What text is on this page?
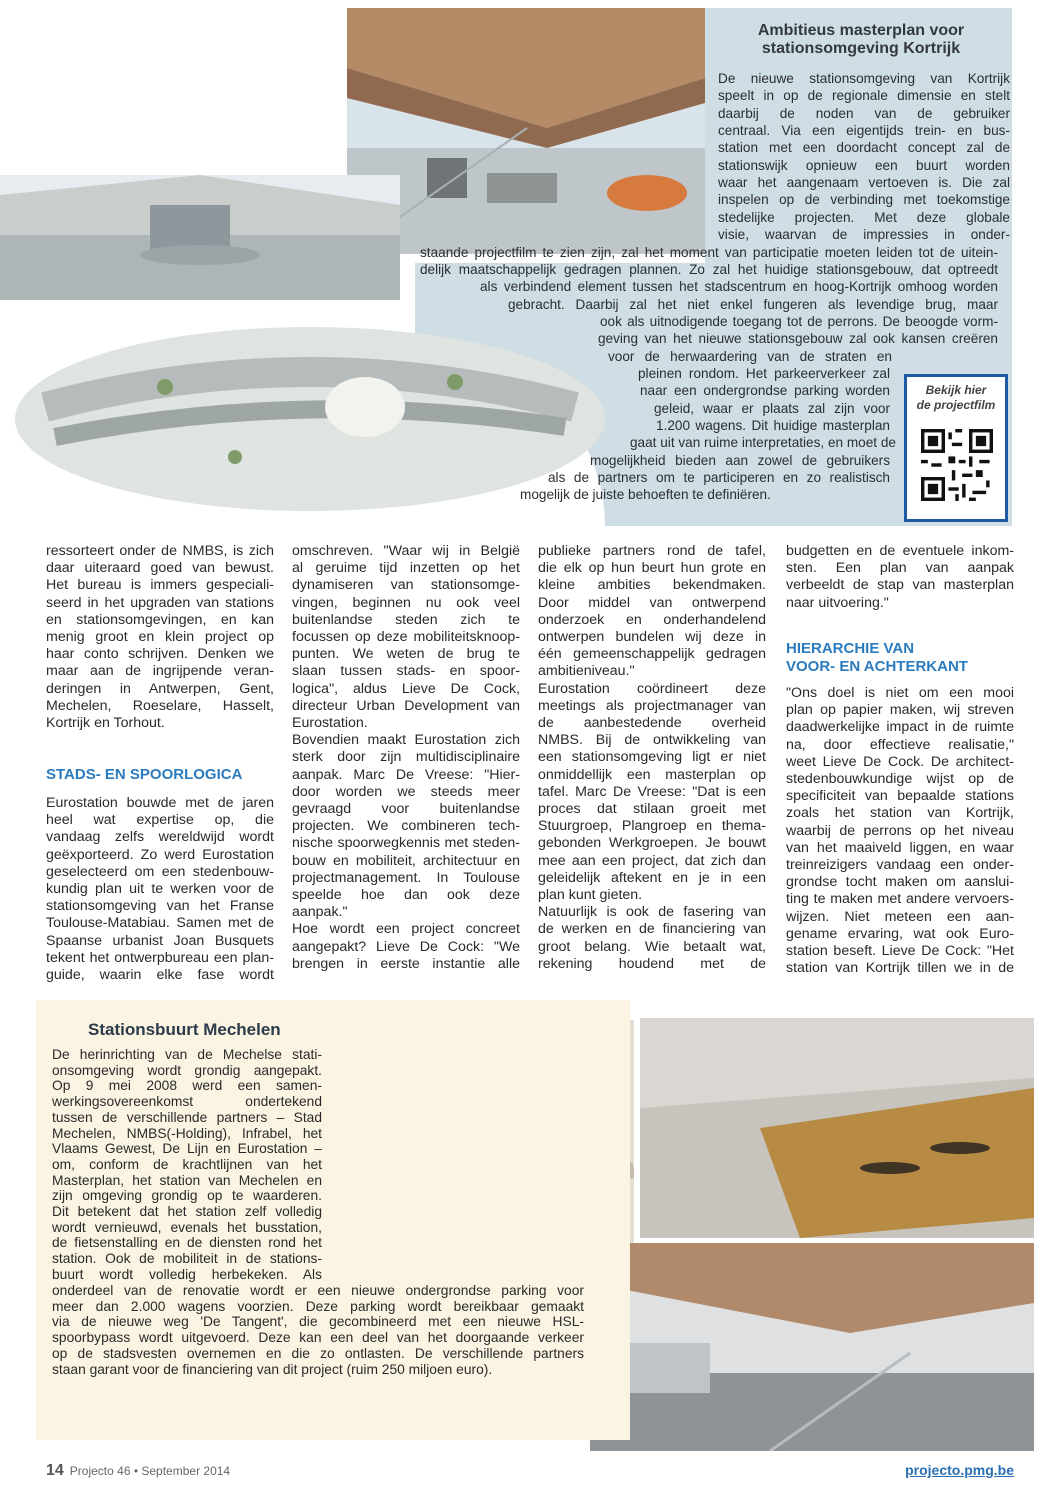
Ambitieus masterplan voor
stationsomgeving Kortrijk
De nieuwe stationsomgeving van Kortrijk
speelt in op de regionale dimensie en stelt
daarbij de noden van de gebruiker
centraal. Via een eigentijds trein- en bus-
station met een doordacht concept zal de
stationswijk opnieuw een buurt worden
waar het aangenaam vertoeven is. Die zal
inspelen op de verbinding met toekomstige
stedelijke projecten. Met deze globale
visie, waarvan de impressies in onder-
staande projectfilm te zien zijn, zal het moment van participatie moeten leiden tot de uitein-
delijk maatschappelijk gedragen plannen. Zo zal het huidige stationsgebouw, dat optreedt
als verbindend element tussen het stadscentrum en hoog-Kortrijk omhoog worden
gebracht. Daarbij zal het niet enkel fungeren als levendige brug, maar
ook als uitnodigende toegang tot de perrons. De beoogde vorm-
geving van het nieuwe stationsgebouw zal ook kansen creëren
voor de herwaardering van de straten en
pleinen rondom. Het parkeerverkeer zal
naar een ondergrondse parking worden
geleid, waar er plaats zal zijn voor
1.200 wagens. Dit huidige masterplan
gaat uit van ruime interpretaties, en moet de
mogelijkheid bieden aan zowel de gebruikers
als de partners om te participeren en zo realistisch
mogelijk de juiste behoeften te definiëren.
Bekijk hier
de projectfilm
ressorteert onder de NMBS, is zich
daar uiteraard goed van bewust.
Het bureau is immers gespeciali-
seerd in het upgraden van stations
en stationsomgevingen, en kan
menig groot en klein project op
haar conto schrijven. Denken we
maar aan de ingrijpende veran-
deringen in Antwerpen, Gent,
Mechelen, Roeselare, Hasselt,
Kortrijk en Torhout.
STADS- EN SPOORLOGICA
Eurostation bouwde met de jaren
heel wat expertise op, die
vandaag zelfs wereldwijd wordt
geëxporteerd. Zo werd Eurostation
geselecteerd om een stedenbouw-
kundig plan uit te werken voor de
stationsomgeving van het Franse
Toulouse-Matabiau. Samen met de
Spaanse urbanist Joan Busquets
tekent het ontwerpbureau een plan-
guide, waarin elke fase wordt
omschreven. "Waar wij in België
al geruime tijd inzetten op het
dynamiseren van stationsomge-
vingen, beginnen nu ook veel
buitenlandse steden zich te
focussen op deze mobiliteitsknoop-
punten. We weten de brug te
slaan tussen stads- en spoor-
logica", aldus Lieve De Cock,
directeur Urban Development van
Eurostation.
Bovendien maakt Eurostation zich
sterk door zijn multidisciplinaire
aanpak. Marc De Vreese: "Hier-
door worden we steeds meer
gevraagd voor buitenlandse
projecten. We combineren tech-
nische spoorwegkennis met steden-
bouw en mobiliteit, architectuur en
projectmanagement. In Toulouse
speelde hoe dan ook deze
aanpak."
Hoe wordt een project concreet
aangepakt? Lieve De Cock: "We
brengen in eerste instantie alle
publieke partners rond de tafel,
die elk op hun beurt hun grote en
kleine ambities bekendmaken.
Door middel van ontwerpend
onderzoek en onderhandelend
ontwerpen bundelen wij deze in
één gemeenschappelijk gedragen
ambitieniveau."
Eurostation coördineert deze
meetings als projectmanager van
de aanbestedende overheid
NMBS. Bij de ontwikkeling van
een stationsomgeving ligt er niet
onmiddellijk een masterplan op
tafel. Marc De Vreese: "Dat is een
proces dat stilaan groeit met
Stuurgroep, Plangroep en thema-
gebonden Werkgroepen. Je bouwt
mee aan een project, dat zich dan
geleidelijk aftekent en je in een
plan kunt gieten.
Natuurlijk is ook de fasering van
de werken en de financiering van
groot belang. Wie betaalt wat,
rekening houdend met de
budgetten en de eventuele inkom-
sten. Een plan van aanpak
verbeeldt de stap van masterplan
naar uitvoering."
HIERARCHIE VAN
VOOR- EN ACHTERKANT
"Ons doel is niet om een mooi
plan op papier maken, wij streven
daadwerkelijke impact in de ruimte
na, door effectieve realisatie,"
weet Lieve De Cock. De architect-
stedenbouwkundige wijst op de
specificiteit van bepaalde stations
zoals het station van Kortrijk,
waarbij de perrons op het niveau
van het maaiveld liggen, en waar
treinreizigers vandaag een onder-
grondse tocht maken om aanslui-
ting te maken met andere vervoers-
wijzen. Niet meteen een aan-
gename ervaring, wat ook Euro-
station beseft. Lieve De Cock: "Het
station van Kortrijk tillen we in de
Stationsbuurt Mechelen
De herinrichting van de Mechelse stati-
onsomgeving wordt grondig aangepakt.
Op 9 mei 2008 werd een samen-
werkingsovereenkomst ondertekend
tussen de verschillende partners – Stad
Mechelen, NMBS(-Holding), Infrabel, het
Vlaams Gewest, De Lijn en Eurostation –
om, conform de krachtlijnen van het
Masterplan, het station van Mechelen en
zijn omgeving grondig op te waarderen.
Dit betekent dat het station zelf volledig
wordt vernieuwd, evenals het busstation,
de fietsenstalling en de diensten rond het
station. Ook de mobiliteit in de stations-
buurt wordt volledig herbekeken. Als
onderdeel van de renovatie wordt er een nieuwe ondergrondse parking voor
meer dan 2.000 wagens voorzien. Deze parking wordt bereikbaar gemaakt
via de nieuwe weg 'De Tangent', die gecombineerd met een nieuwe HSL-
spoorbypass wordt uitgevoerd. Deze kan een deel van het doorgaande verkeer
op de stadsvesten overnemen en die zo ontlasten. De verschillende partners
staan garant voor de financiering van dit project (ruim 250 miljoen euro).
14 Projecto 46 • September 2014	projecto.pmg.be
